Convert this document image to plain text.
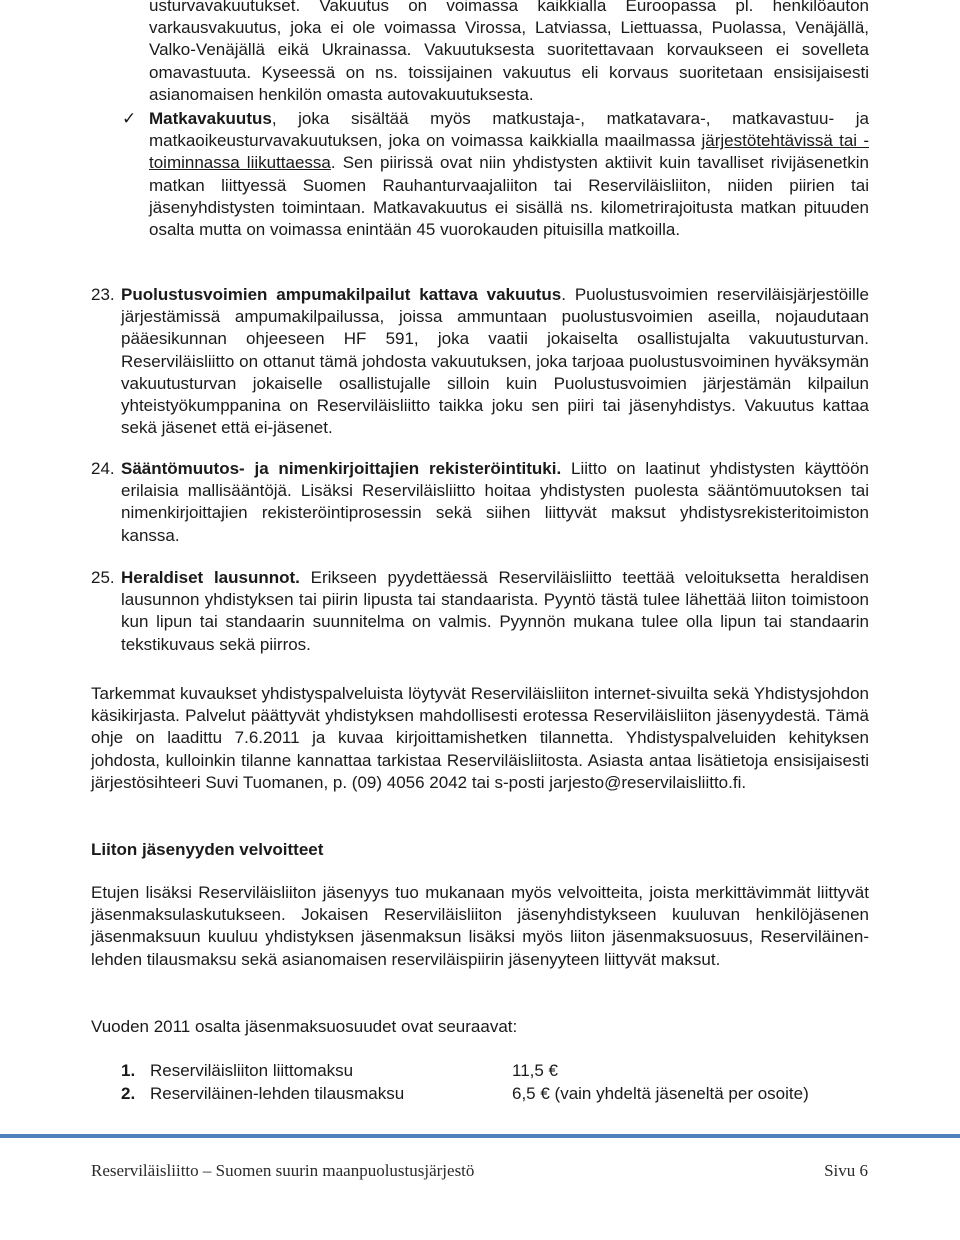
usturvavakuutukset. Vakuutus on voimassa kaikkialla Euroopassa pl. henkilöauton varkausvakuutus, joka ei ole voimassa Virossa, Latviassa, Liettuassa, Puolassa, Venäjällä, Valko-Venäjällä eikä Ukrainassa. Vakuutuksesta suoritettavaan korvaukseen ei sovelleta omavastuuta. Kyseessä on ns. toissijainen vakuutus eli korvaus suoritetaan ensisijaisesti asianomaisen henkilön omasta autovakuutuksesta.
✓ Matkavakuutus, joka sisältää myös matkustaja-, matkatavara-, matkavastuu- ja matkaoikeusturvavakuutuksen, joka on voimassa kaikkialla maailmassa järjestötehtävissä tai -toiminnassa liikuttaessa. Sen piirissä ovat niin yhdistysten aktiivit kuin tavalliset rivijäsenetkin matkan liittyessä Suomen Rauhanturvaajaliiton tai Reserviläisliiton, niiden piirien tai jäsenyhdistysten toimintaan. Matkavakuutus ei sisällä ns. kilometrirajoitusta matkan pituuden osalta mutta on voimassa enintään 45 vuorokauden pituisilla matkoilla.
23. Puolustusvoimien ampumakilpailut kattava vakuutus. Puolustusvoimien reserviläisjärjestöille järjestämissä ampumakilpailussa, joissa ammuntaan puolustusvoimien aseilla, nojaudutaan pääesikunnan ohjeeseen HF 591, joka vaatii jokaiselta osallistujalta vakuutusturvan. Reserviläisliitto on ottanut tämä johdosta vakuutuksen, joka tarjoaa puolustusvoiminen hyväksymän vakuutusturvan jokaiselle osallistujalle silloin kuin Puolustusvoimien järjestämän kilpailun yhteistyökumppanina on Reserviläisliitto taikka joku sen piiri tai jäsenyhdistys. Vakuutus kattaa sekä jäsenet että ei-jäsenet.
24. Sääntömuutos- ja nimenkirjoittajien rekisteröintituki. Liitto on laatinut yhdistysten käyttöön erilaisia mallisääntöjä. Lisäksi Reserviläisliitto hoitaa yhdistysten puolesta sääntömuutoksen tai nimenkirjoittajien rekisteröintiprosessin sekä siihen liittyvät maksut yhdistysrekisteritoimiston kanssa.
25. Heraldiset lausunnot. Erikseen pyydettäessä Reserviläisliitto teettää veloituksetta heraldisen lausunnon yhdistyksen tai piirin lipusta tai standaarista. Pyyntö tästä tulee lähettää liiton toimistoon kun lipun tai standaarin suunnitelma on valmis. Pyynnön mukana tulee olla lipun tai standaarin tekstikuvaus sekä piirros.
Tarkemmat kuvaukset yhdistyspalveluista löytyvät Reserviläisliiton internet-sivuilta sekä Yhdistysjohdon käsikirjasta. Palvelut päättyvät yhdistyksen mahdollisesti erotessa Reserviläisliiton jäsenyydestä. Tämä ohje on laadittu 7.6.2011 ja kuvaa kirjoittamishetken tilannetta. Yhdistyspalveluiden kehityksen johdosta, kulloinkin tilanne kannattaa tarkistaa Reserviläisliitosta. Asiasta antaa lisätietoja ensisijaisesti järjestösihteeri Suvi Tuomanen, p. (09) 4056 2042 tai s-posti jarjesto@reservilaisliitto.fi.
Liiton jäsenyyden velvoitteet
Etujen lisäksi Reserviläisliiton jäsenyys tuo mukanaan myös velvoitteita, joista merkittävimmät liittyvät jäsenmaksulaskutukseen. Jokaisen Reserviläisliiton jäsenyhdistykseen kuuluvan henkilöjäsenen jäsenmaksuun kuuluu yhdistyksen jäsenmaksun lisäksi myös liiton jäsenmaksuosuus, Reserviläinen-lehden tilausmaksu sekä asianomaisen reserviläispiirin jäsenyyteen liittyvät maksut.
Vuoden 2011 osalta jäsenmaksuosuudet ovat seuraavat:
1. Reserviläisliiton liittomaksu	11,5 €
2. Reserviläinen-lehden tilausmaksu	6,5 € (vain yhdeltä jäseneltä per osoite)
Reserviläisliitto – Suomen suurin maanpuolustusjärjestö	Sivu 6
